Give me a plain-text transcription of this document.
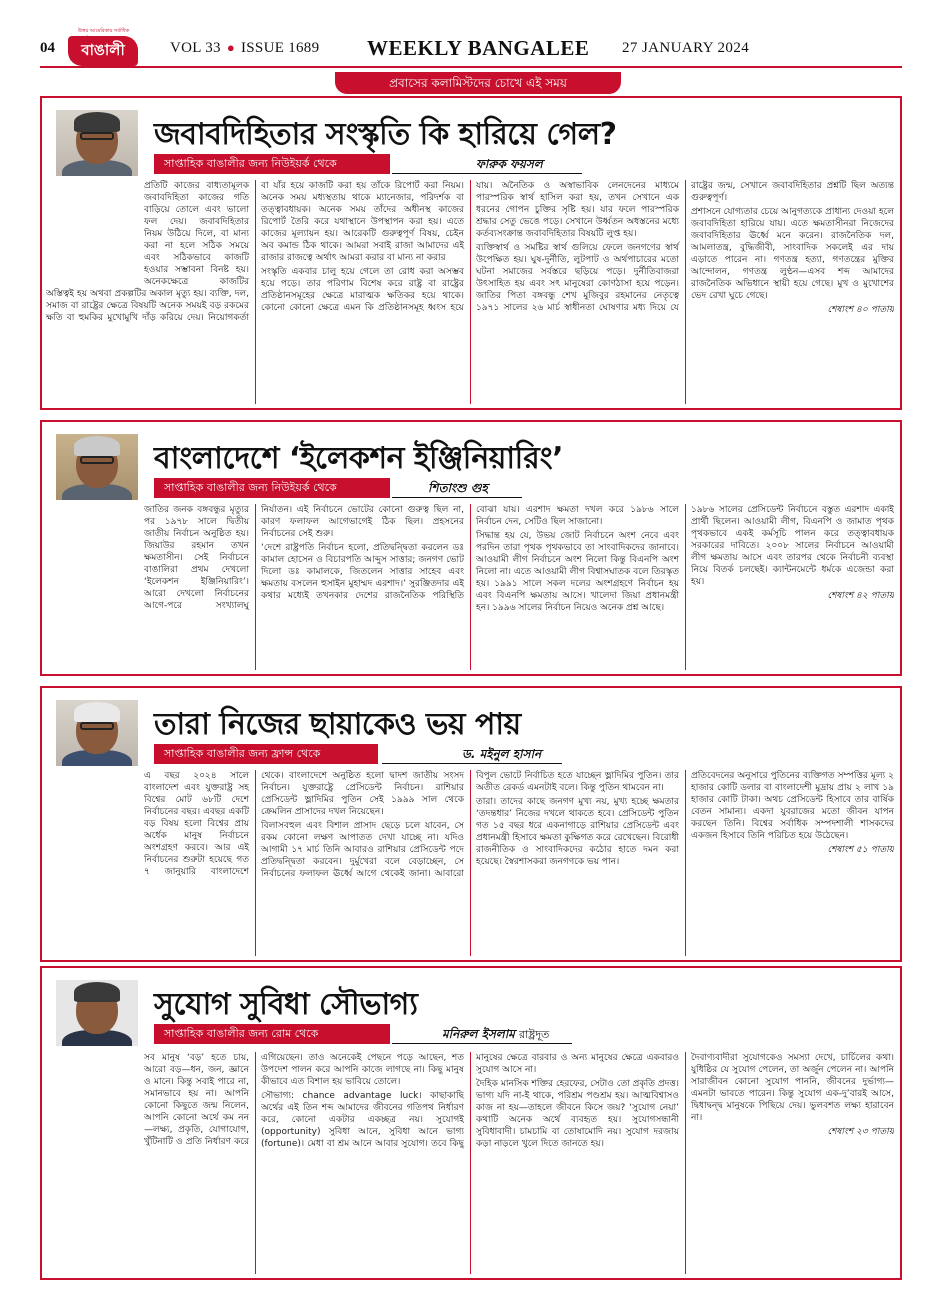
04
উত্তর আমেরিকার সর্বাধিক প্রচারিত
বাঙালী	VOL 33 ● ISSUE 1689 WEEKLY BANGALEE 27 JANUARY 2024
প্রবাসের কলামিস্টদের চোখে এই সময়
জবাবদিহিতার সংস্কৃতি কি হারিয়ে গেল?
সাপ্তাহিক বাঙালীর জন্য নিউইয়র্ক থেকে	ফারুক ফয়সল

প্রতিটি কাজের বাধ্যতামূলক জবাবদিহিতা কাজের গতি বাড়িয়ে তোলে এবং ভালো ফল দেয়। জবাবদিহিতার নিয়ম উঠিয়ে দিলে, বা মান্য করা না হলে সঠিক সময়ে এবং সঠিকভাবে কাজটি হওয়ার সম্ভাবনা বিনষ্ট হয়। অনেকক্ষেত্রে কাজটির অস্তিত্বই হয় অথবা প্রকল্পটির অকাল মৃত্যু হয়। ব্যক্তি, দল, সমাজ বা রাষ্ট্রের ক্ষেত্রে বিষয়টি অনেক সময়ই বড় রকমের ক্ষতি বা হুমকির মুখোমুখি দাঁড় করিয়ে দেয়। নিয়োগকর্তা বা যাঁর হয়ে কাজটি করা হয় তাঁকে রিপোর্ট করা নিয়ম। অনেক সময় মধ্যস্থতায় থাকে ম্যানেজার, পরিদর্শক বা তত্ত্বাবধায়ক। অনেক সময় তাঁদের অধীনস্থ কাজের রিপোর্ট তৈরি করে যথাস্থানে উপস্থাপন করা হয়। এতে কাজের মূল্যায়ন হয়। আরেকটি গুরুত্বপূর্ণ বিষয়, চেইন অব কমান্ড ঠিক থাকে। আমরা সবাই রাজা আমাদের এই রাজার রাজত্বে অর্থাৎ আমরা করার বা মান্য না করার

সংস্কৃতি একবার চালু হয়ে গেলে তা রোধ করা অসম্ভব হয়ে পড়ে। তার পরিণাম বিশেষ করে রাষ্ট্র বা রাষ্ট্রের প্রতিষ্ঠানসমূহের ক্ষেত্রে মারাত্মক ক্ষতিকর হয়ে থাকে। কোনো কোনো ক্ষেত্রে এমন কি প্রতিষ্ঠানসমূহ ধ্বংস হয়ে যায়। অনৈতিক ও অস্বাভাবিক লেনদেনের মাধ্যমে পারস্পরিক স্বার্থ হাসিল করা হয়, তখন সেখানে এক ধরনের গোপন চুক্তির সৃষ্টি হয়। যার ফলে পারস্পরিক শ্রদ্ধার সেতু ভেঙে পড়ে। সেখানে উর্ধ্বতন অধস্তনের মধ্যে কর্তব্যসংক্রান্ত জবাবদিহিতার বিষয়টি লুপ্ত হয়।

ব্যক্তিস্বার্থ ও সমষ্টির স্বার্থ গুলিয়ে ফেলে জনগণের স্বার্থ উপেক্ষিত হয়। ঘুষ-দুর্নীতি, লুটপাট ও অর্থপাচারের মতো ঘটনা সমাজের সর্বস্তরে ছড়িয়ে পড়ে। দুর্নীতিবাজরা উৎসাহিত হয় এবং সৎ মানুষেরা কোণঠাসা হয়ে পড়েন। জাতির পিতা বঙ্গবন্ধু শেখ মুজিবুর রহমানের নেতৃত্বে ১৯৭১ সালের ২৬ মার্চ স্বাধীনতা ঘোষণার মধ্য দিয়ে যে রাষ্ট্রের জন্ম, সেখানে জবাবদিহিতার প্রশ্নটি ছিল অত্যন্ত গুরুত্বপূর্ণ।

প্রশাসনে যোগ্যতার চেয়ে আনুগত্যকে প্রাধান্য দেওয়া হলে জবাবদিহিতা হারিয়ে যায়। এতে ক্ষমতাসীনরা নিজেদের জবাবদিহিতার ঊর্ধ্বে মনে করেন। রাজনৈতিক দল, আমলাতন্ত্র, বুদ্ধিজীবী, সাংবাদিক সকলেই এর দায় এড়াতে পারেন না। গণতন্ত্র হত্যা, গণতন্ত্রের মুক্তির আন্দোলন, গণতন্ত্র লুণ্ঠন—এসব শব্দ আমাদের রাজনৈতিক অভিধানে স্থায়ী হয়ে গেছে। মুখ ও মুখোশের ভেদ রেখা ঘুচে গেছে।

শেষাংশ ৪০ পাতায়

বাংলাদেশে ‘ইলেকশন ইঞ্জিনিয়ারিং’
সাপ্তাহিক বাঙালীর জন্য নিউইয়র্ক থেকে	শিতাংশু গুহ

জাতির জনক বঙ্গবন্ধুর মৃত্যুর পর ১৯৭৮ সালে দ্বিতীয় জাতীয় নির্বাচন অনুষ্ঠিত হয়। জিয়াউর রহমান তখন ক্ষমতাসীন। সেই নির্বাচনে বাঙালিরা প্রথম দেখলো ‘ইলেকশন ইঞ্জিনিয়ারিং’। আরো দেখলো নির্বাচনের আগে-পরে সংখ্যালঘু নির্যাতন। এই নির্বাচনে ভোটের কোনো গুরুত্ব ছিল না, কারণ ফলাফল আগেভাগেই ঠিক ছিল। প্রহসনের নির্বাচনের সেই শুরু।

‘দেশে রাষ্ট্রপতি নির্বাচন হলো, প্রতিদ্বন্দ্বিতা করলেন ডঃ কামাল হোসেন ও বিচারপতি আব্দুস সাত্তার; জনগণ ভোট দিলো ডঃ কামালকে, জিতলেন সাত্তার সাহেব এবং ক্ষমতায় বসলেন হুসাইন মুহাম্মদ এরশাদ।’ সুরঞ্জিতদার এই কথার মধ্যেই তখনকার দেশের রাজনৈতিক পরিস্থিতি বোঝা যায়। এরশাদ ক্ষমতা দখল করে ১৯৮৬ সালে নির্বাচন দেন, সেটিও ছিল সাজানো।

সিদ্ধান্ত হয় যে, উভয় জোট নির্বাচনে অংশ নেবে এবং পরদিন তারা পৃথক পৃথকভাবে তা সাংবাদিকদের জানাবে। আওয়ামী লীগ নির্বাচনে অংশ নিলো কিন্তু বিএনপি অংশ নিলো না। এতে আওয়ামী লীগ বিশ্বাসঘাতক বলে তিরস্কৃত হয়। ১৯৯১ সালে সকল দলের অংশগ্রহণে নির্বাচন হয় এবং বিএনপি ক্ষমতায় আসে। খালেদা জিয়া প্রধানমন্ত্রী হন। ১৯৯৬ সালের নির্বাচন নিয়েও অনেক প্রশ্ন আছে।

১৯৮৬ সালের প্রেসিডেন্ট নির্বাচনে বস্তুত এরশাদ একাই প্রার্থী ছিলেন। আওয়ামী লীগ, বিএনপি ও জামাত পৃথক পৃথকভাবে একই কর্মসূচি পালন করে তত্ত্বাবধায়ক সরকারের দাবিতে। ২০০৮ সালের নির্বাচনে আওয়ামী লীগ ক্ষমতায় আসে এবং তারপর থেকে নির্বাচনী ব্যবস্থা নিয়ে বিতর্ক চলছেই। ক্যান্টনমেন্টে ধর্মকে এজেন্ডা করা হয়।

শেষাংশ ৪২ পাতায়

তারা নিজের ছায়াকেও ভয় পায়
সাপ্তাহিক বাঙালীর জন্য ফ্রান্স থেকে	ড. মইনুল হাসান

এ বছর ২০২৪ সালে বাংলাদেশ এবং যুক্তরাষ্ট্র সহ বিশ্বের মোট ৬৮টি দেশে নির্বাচনের বছর। এবছর একটি বড় বিষয় হলো বিশ্বের প্রায় অর্ধেক মানুষ নির্বাচনে অংশগ্রহণ করবে। আর এই নির্বাচনের শুরুটা হয়েছে গত ৭ জানুয়ারি বাংলাদেশে থেকে। বাংলাদেশে অনুষ্ঠিত হলো দ্বাদশ জাতীয় সংসদ নির্বাচন। যুক্তরাষ্ট্রে প্রেসিডেন্ট নির্বাচন। রাশিয়ার প্রেসিডেন্ট ভ্লাদিমির পুতিন সেই ১৯৯৯ সাল থেকে ক্রেমলিন প্রাসাদের দখল নিয়েছেন।

বিলাসবহুল এবং বিশাল প্রাসাদ ছেড়ে চলে যাবেন, সে রকম কোনো লক্ষণ আপাতত দেখা যাচ্ছে না। যদিও আগামী ১৭ মার্চ তিনি আবারও রাশিয়ার প্রেসিডেন্ট পদে প্রতিদ্বন্দ্বিতা করবেন। দুর্মুখেরা বলে বেড়াচ্ছেন, সে নির্বাচনের ফলাফল ঊর্ধ্বে আগে থেকেই জানা। আবারো বিপুল ভোটে নির্বাচিত হতে যাচ্ছেন ভ্লাদিমির পুতিন। তার অতীত রেকর্ড এমনটাই বলে। কিন্তু পুতিন থামবেন না।

তারা। তাদের কাছে জনগণ মুখ্য নয়, মুখ্য হচ্ছে ক্ষমতার ‘তদন্তধার’ নিজের দখলে থাকতে হবে। প্রেসিডেন্ট পুতিন গত ১৫ বছর ধরে একনাগাড়ে রাশিয়ার প্রেসিডেন্ট এবং প্রধানমন্ত্রী হিসাবে ক্ষমতা কুক্ষিগত করে রেখেছেন। বিরোধী রাজনীতিক ও সাংবাদিকদের কঠোর হাতে দমন করা হয়েছে। স্বৈরশাসকরা জনগণকে ভয় পান।

প্রতিবেদনের অনুসারে পুতিনের ব্যক্তিগত সম্পত্তির মূল্য ২ হাজার কোটি ডলার বা বাংলাদেশী মুদ্রায় প্রায় ২ লাখ ১৯ হাজার কোটি টাকা। অথচ প্রেসিডেন্ট হিসাবে তার বার্ষিক বেতন সামান্য। একদা যুবরাজের মতো জীবন যাপন করছেন তিনি। বিশ্বের সর্বাধিক সম্পদশালী শাসকদের একজন হিসাবে তিনি পরিচিত হয়ে উঠেছেন।

শেষাংশ ৫১ পাতায়

সুযোগ সুবিধা সৌভাগ্য
সাপ্তাহিক বাঙালীর জন্য রোম থেকে	মনিরুল ইসলাম রাষ্ট্রদূত

সব মানুষ ‘বড়’ হতে চায়, আরো বড়—ধন, জন, জ্ঞানে ও মানে। কিন্তু সবাই পারে না, সমানভাবে হয় না। আপনি কোনো কিছুতে জন্ম নিলেন, আপনি কোনো অর্থে কম নন—লক্ষ্য, প্রকৃতি, যোগাযোগ, খুঁটিনাটি ও প্রতি নির্ধারণ করে এগিয়েছেন। তাও অনেকেই পেছনে পড়ে আছেন, শত উপদেশ পালন করে আপনি কাজে লাগছে না। কিছু মানুষ কীভাবে এত বিশাল হয় ভাবিয়ে তোলে।

সৌভাগ্য: chance advantage luck। কাছাকাছি অর্থের এই তিন শব্দ আমাদের জীবনের গতিপথ নির্ধারণ করে, কোনো একটার একচ্ছত্র নয়। সুযোগই (opportunity) সুবিধা আনে, সুবিধা আনে ভাগ্য (fortune)। মেধা বা শ্রম আনে আবার সুযোগ। তবে কিছু মানুষের ক্ষেত্রে বারবার ও অন্য মানুষের ক্ষেত্রে একবারও সুযোগ আসে না।

দৈহিক মানসিক শক্তির হেরফের, সেটাও তো প্রকৃতি প্রদত্ত। ভাগ্য যদি না-ই থাকে, পরিশ্রম পণ্ডশ্রম হয়। আত্মবিশ্বাসও কাজ না হয়—তাহলে জীবনে কিসে জয়? ‘সুযোগ নেয়া’ কথাটি অনেক অর্থে ব্যবহৃত হয়। সুযোগসন্ধানী সুবিধাবাদী। চামচামি বা তোষামোদি নয়। সুযোগ দরজায় কড়া নাড়লে খুলে দিতে জানতে হয়।

দৈবাণ্যবাদীরা সুযোগকেও সমস্যা দেখে, চার্চিলের কথা। যুধিষ্ঠির যে সুযোগ পেলেন, তা অর্জুন পেলেন না। আপনি সারাজীবন কোনো সুযোগ পাননি, জীবনের দুর্ভাগ্য—এমনটা ভাবতে পারেন। কিন্তু সুযোগ এক-দু’বারই আসে, দ্বিধাদ্বন্দ্ব মানুষকে পিছিয়ে দেয়। ভুলবশত লক্ষ্য হারাবেন না।

শেষাংশ ২৩ পাতায়
